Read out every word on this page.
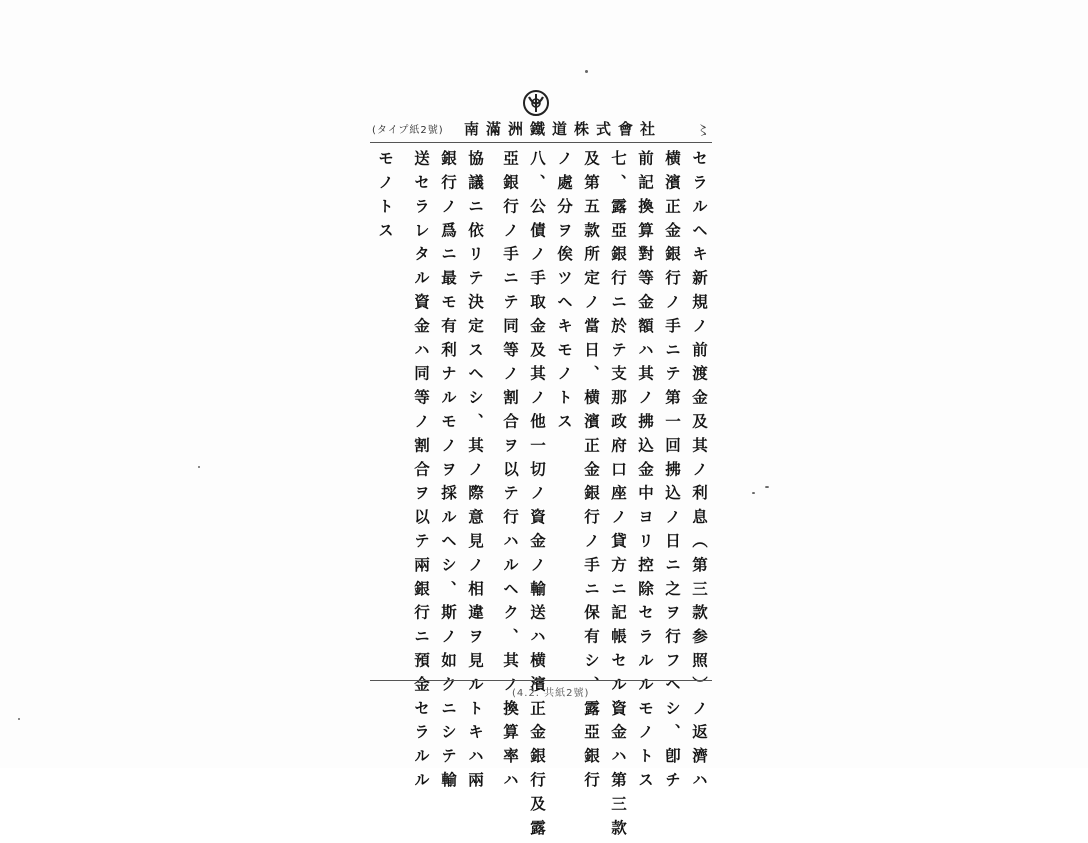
(タイプ紙2號) 南滿洲鐵道株式會社 〻
セラルヘキ新規ノ前渡金及其ノ利息（第三款参照）ノ返濟ハ
横濱正金銀行ノ手ニテ第一回拂込ノ日ニ之ヲ行フヘシ、卽チ
前記換算對等金額ハ其ノ拂込金中ヨリ控除セラルルモノトス
七、露亞銀行ニ於テ支那政府口座ノ貸方ニ記帳セル資金ハ第三款
及第五款所定ノ當日、横濱正金銀行ノ手ニ保有シ、露亞銀行
ノ處分ヲ俟ツヘキモノトス
八、公債ノ手取金及其ノ他一切ノ資金ノ輸送ハ横濱正金銀行及露
亞銀行ノ手ニテ同等ノ割合ヲ以テ行ハルヘク、其ノ換算率ハ
協議ニ依リテ決定スヘシ、其ノ際意見ノ相違ヲ見ルトキハ兩
銀行ノ爲ニ最モ有利ナルモノヲ採ルヘシ、斯ノ如クニシテ輸
送セラレタル資金ハ同等ノ割合ヲ以テ兩銀行ニ預金セラルル
モノトス
(4.2. 共紙2號)
